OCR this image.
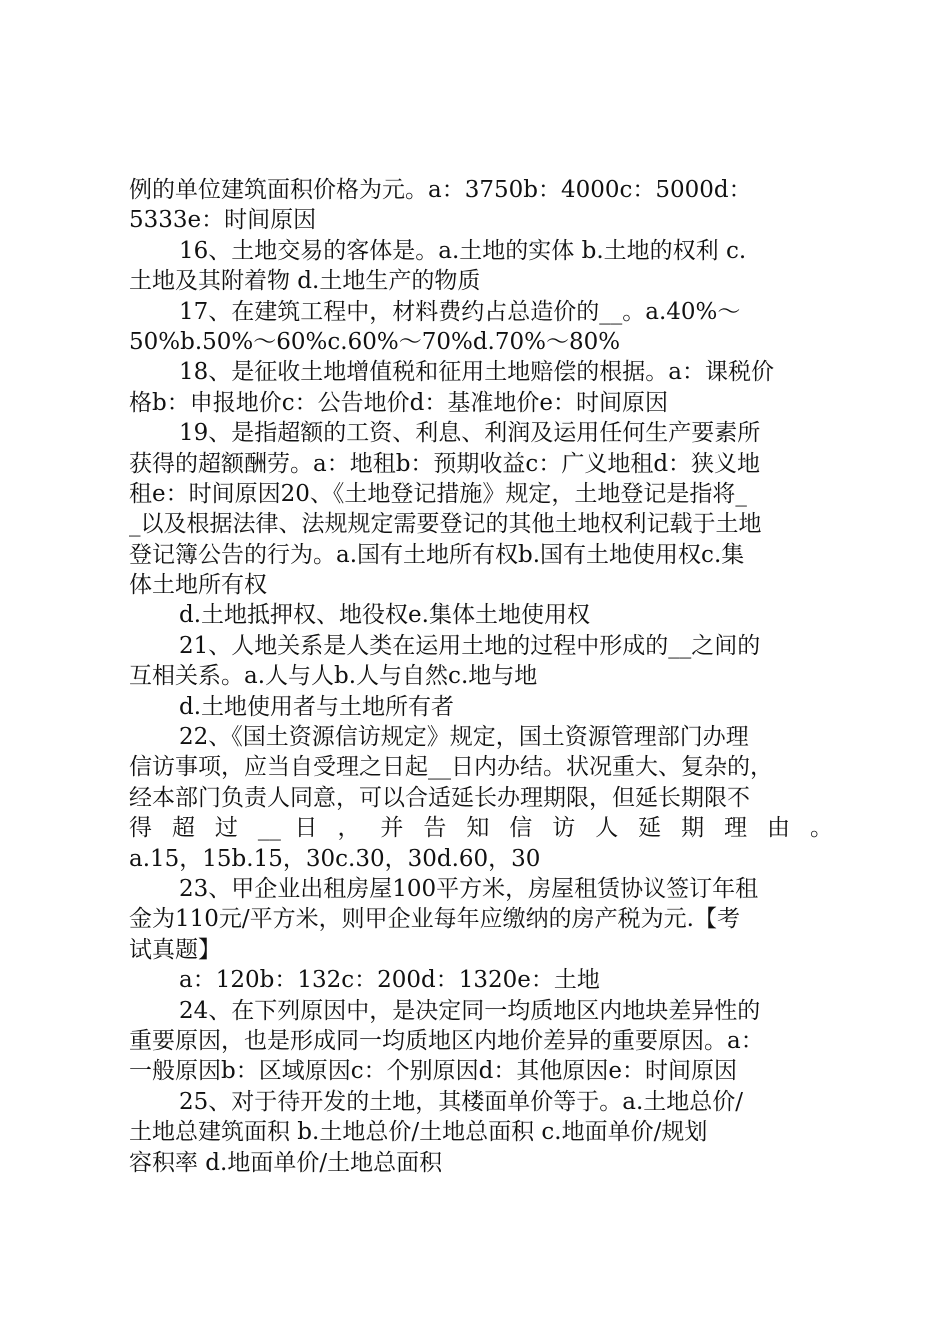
例的单位建筑面积价格为元。a：3750b：4000c：5000d：
5333e：时间原因
16、土地交易的客体是。a.土地的实体 b.土地的权利 c.
土地及其附着物 d.土地生产的物质
17、在建筑工程中，材料费约占总造价的__。a.40%～
50%b.50%～60%c.60%～70%d.70%～80%
18、是征收土地增值税和征用土地赔偿的根据。a：课税价
格b：申报地价c：公告地价d：基准地价e：时间原因
19、是指超额的工资、利息、利润及运用任何生产要素所
获得的超额酬劳。a：地租b：预期收益c：广义地租d：狭义地
租e：时间原因20、《土地登记措施》规定，土地登记是指将_
_以及根据法律、法规规定需要登记的其他土地权利记载于土地
登记簿公告的行为。a.国有土地所有权b.国有土地使用权c.集
体土地所有权
d.土地抵押权、地役权e.集体土地使用权
21、人地关系是人类在运用土地的过程中形成的__之间的
互相关系。a.人与人b.人与自然c.地与地
d.土地使用者与土地所有者
22、《国土资源信访规定》规定，国土资源管理部门办理
信访事项，应当自受理之日起__日内办结。状况重大、复杂的，
经本部门负责人同意，可以合适延长办理期限，但延长期限不
得 超 过 __ 日 ， 并 告 知 信 访 人 延 期 理 由 。
a.15，15b.15，30c.30，30d.60，30
23、甲企业出租房屋100平方米，房屋租赁协议签订年租
金为110元/平方米，则甲企业每年应缴纳的房产税为元.【考
试真题】
a：120b：132c：200d：1320e：土地
24、在下列原因中，是决定同一均质地区内地块差异性的
重要原因，也是形成同一均质地区内地价差异的重要原因。a：
一般原因b：区域原因c：个别原因d：其他原因e：时间原因
25、对于待开发的土地，其楼面单价等于。a.土地总价/
土地总建筑面积 b.土地总价/土地总面积 c.地面单价/规划
容积率 d.地面单价/土地总面积
